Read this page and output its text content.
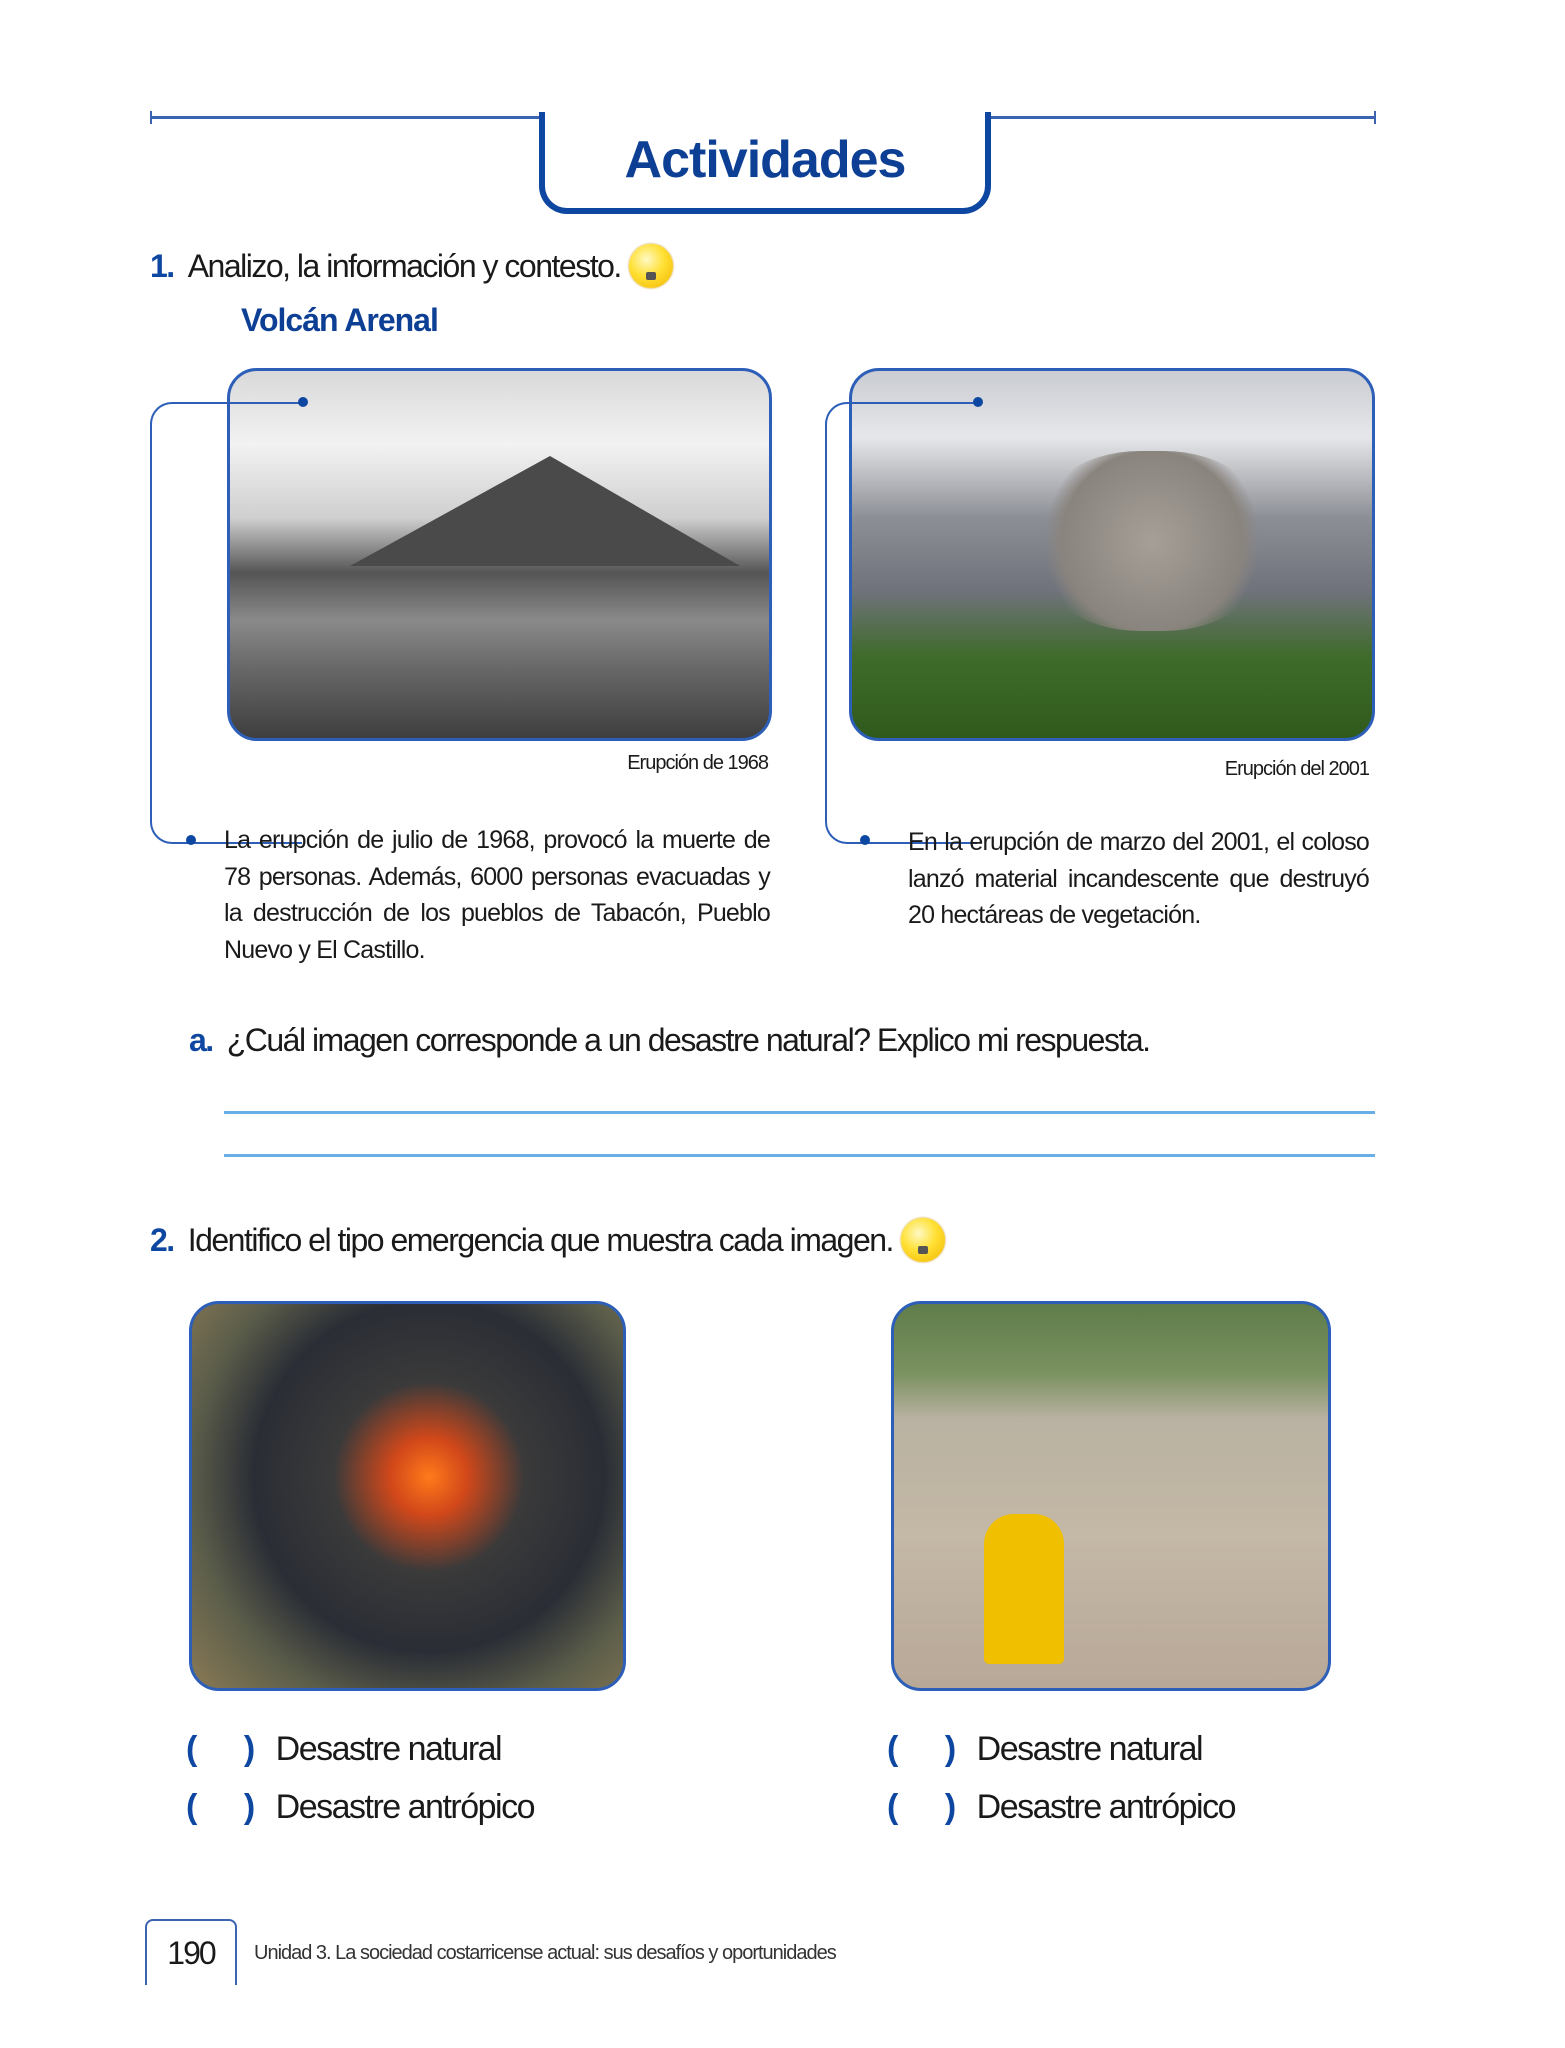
Actividades
1. Analizo, la información y contesto.
Volcán Arenal
Erupción de 1968	Erupción del 2001
La erupción de julio de 1968, provocó la muerte de 78 personas. Además, 6000 personas evacuadas y la destrucción de los pueblos de Tabacón, Pueblo Nuevo y El Castillo.
En la erupción de marzo del 2001, el coloso lanzó material incandescente que destruyó 20 hectáreas de vegetación.
a. ¿Cuál imagen corresponde a un desastre natural? Explico mi respuesta.
2. Identifico el tipo emergencia que muestra cada imagen.
( ) Desastre natural
( ) Desastre antrópico
( ) Desastre natural
( ) Desastre antrópico
190	Unidad 3. La sociedad costarricense actual: sus desafíos y oportunidades
